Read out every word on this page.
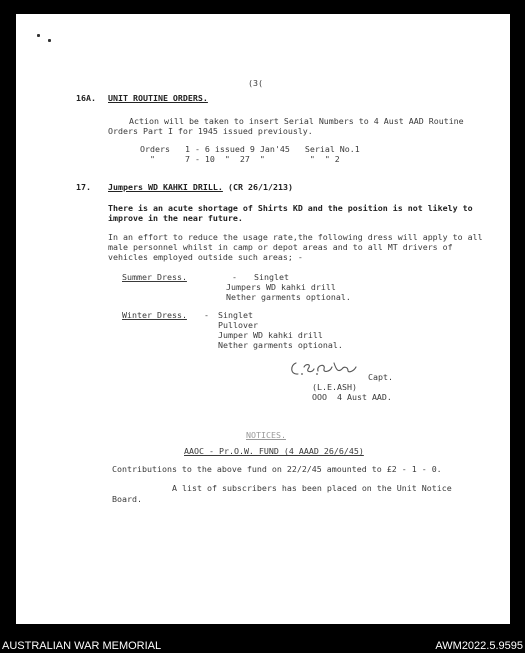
(3(
16A. UNIT ROUTINE ORDERS.
Action will be taken to insert Serial Numbers to 4 Aust AAD Routine
Orders Part I for 1945 issued previously.
Orders   1 - 6 issued 9 Jan'45   Serial No.1
"      7 - 10  "  27  "         "  " 2
17. Jumpers WD KAHKI DRILL. (CR 26/1/213)
There is an acute shortage of Shirts KD and the position is not likely to
improve in the near future.
In an effort to reduce the usage rate,the following dress will apply to all
male personnel whilst in camp or depot areas and to all MT drivers of
vehicles employed outside such areas; -
Summer Dress.	- Singlet
Jumpers WD kahki drill
Nether garments optional.
Winter Dress. - Singlet
Pullover
Jumper WD kahki drill
Nether garments optional.
Capt.
(L.E.ASH)
OOO  4 Aust AAD.
NOTICES.
AAOC - Pr.O.W. FUND (4 AAAD 26/6/45)
Contributions to the above fund on 22/2/45 amounted to £2 - 1 - 0.
A list of subscribers has been placed on the Unit Notice
Board.
AUSTRALIAN WAR MEMORIAL	AWM2022.5.9595
